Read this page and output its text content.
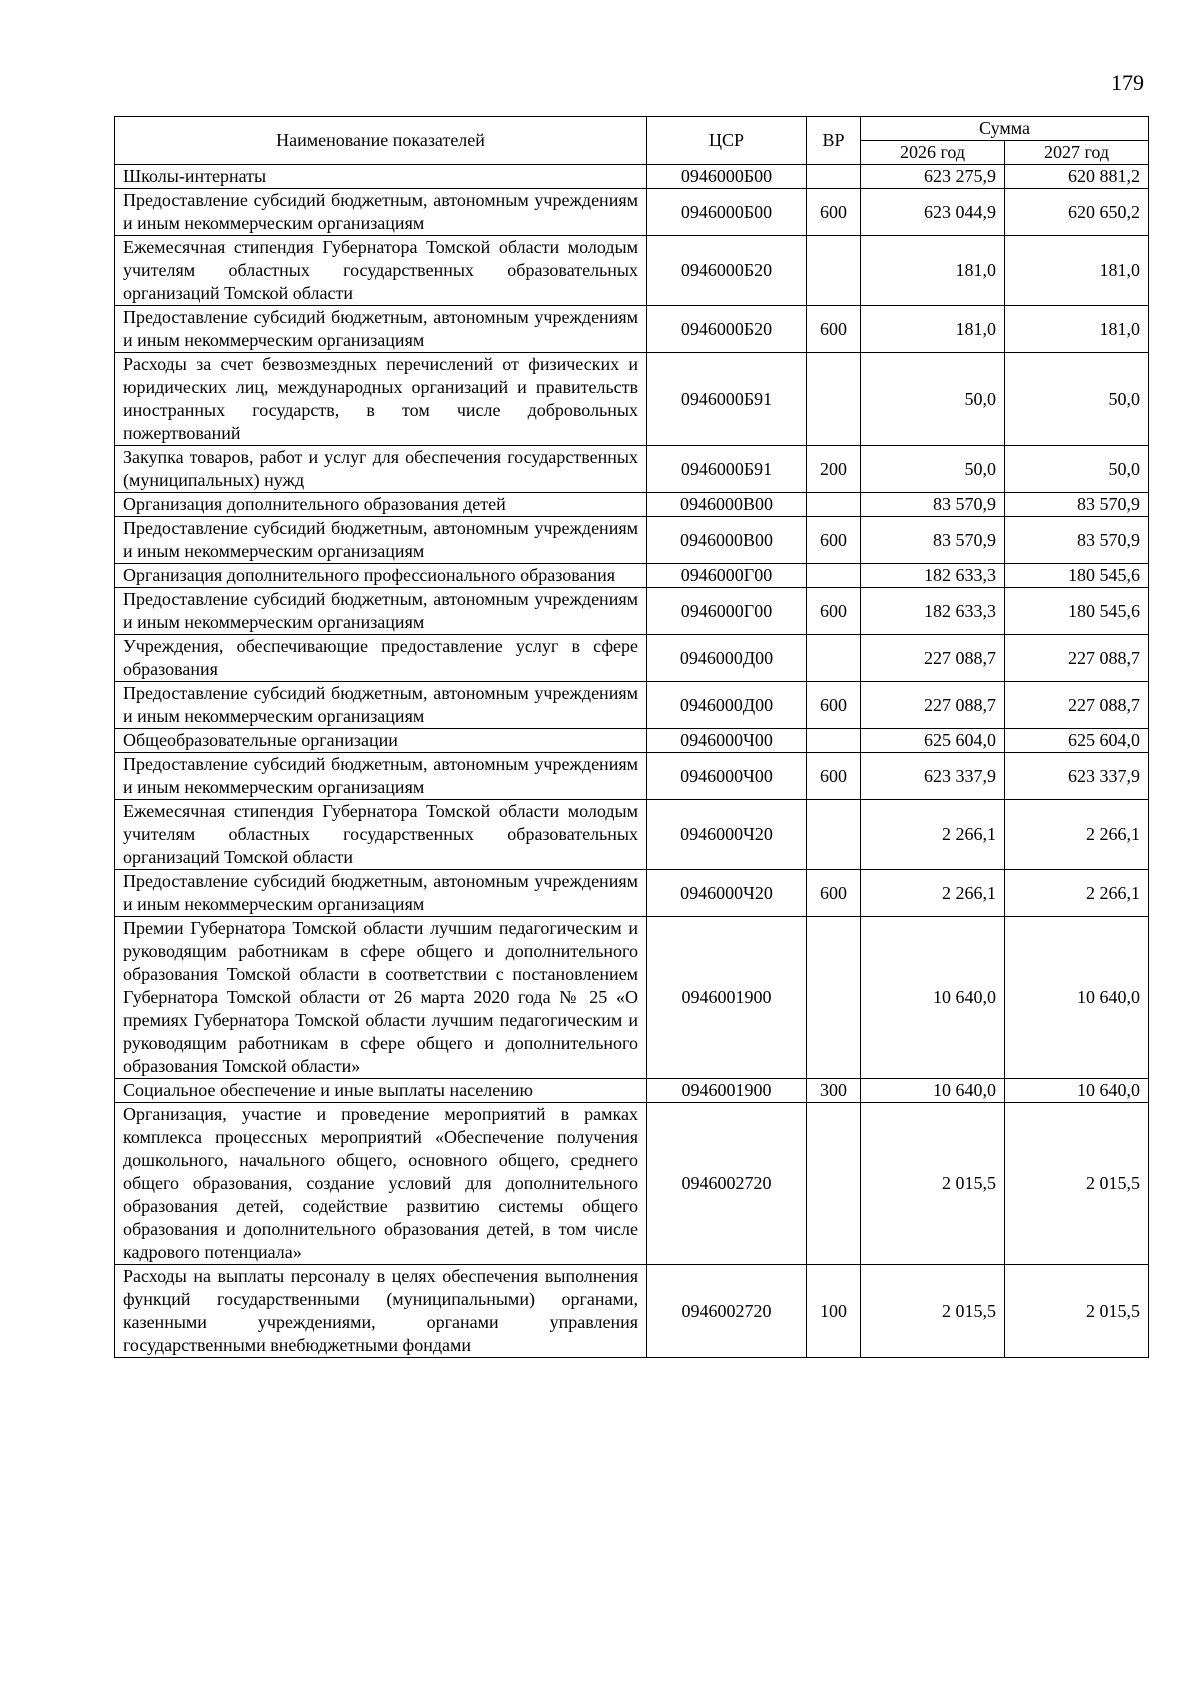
179
Наименование показателей	ЦСР	ВР	Сумма	
			2026 год	2027 год
Школы-интернаты	0946000Б00		623 275,9	620 881,2
Предоставление субсидий бюджетным, автономным учреждениям и иным некоммерческим организациям	0946000Б00	600	623 044,9	620 650,2
Ежемесячная стипендия Губернатора Томской области молодым учителям областных государственных образовательных организаций Томской области	0946000Б20		181,0	181,0
Предоставление субсидий бюджетным, автономным учреждениям и иным некоммерческим организациям	0946000Б20	600	181,0	181,0
Расходы за счет безвозмездных перечислений от физических и юридических лиц, международных организаций и правительств иностранных государств, в том числе добровольных пожертвований	0946000Б91		50,0	50,0
Закупка товаров, работ и услуг для обеспечения государственных (муниципальных) нужд	0946000Б91	200	50,0	50,0
Организация дополнительного образования детей	0946000В00		83 570,9	83 570,9
Предоставление субсидий бюджетным, автономным учреждениям и иным некоммерческим организациям	0946000В00	600	83 570,9	83 570,9
Организация дополнительного профессионального образования	0946000Г00		182 633,3	180 545,6
Предоставление субсидий бюджетным, автономным учреждениям и иным некоммерческим организациям	0946000Г00	600	182 633,3	180 545,6
Учреждения, обеспечивающие предоставление услуг в сфере образования	0946000Д00		227 088,7	227 088,7
Предоставление субсидий бюджетным, автономным учреждениям и иным некоммерческим организациям	0946000Д00	600	227 088,7	227 088,7
Общеобразовательные организации	0946000Ч00		625 604,0	625 604,0
Предоставление субсидий бюджетным, автономным учреждениям и иным некоммерческим организациям	0946000Ч00	600	623 337,9	623 337,9
Ежемесячная стипендия Губернатора Томской области молодым учителям областных государственных образовательных организаций Томской области	0946000Ч20		2 266,1	2 266,1
Предоставление субсидий бюджетным, автономным учреждениям и иным некоммерческим организациям	0946000Ч20	600	2 266,1	2 266,1
Премии Губернатора Томской области лучшим педагогическим и руководящим работникам в сфере общего и дополнительного образования Томской области в соответствии с постановлением Губернатора Томской области от 26 марта 2020 года № 25 «О премиях Губернатора Томской области лучшим педагогическим и руководящим работникам в сфере общего и дополнительного образования Томской области»	0946001900		10 640,0	10 640,0
Социальное обеспечение и иные выплаты населению	0946001900	300	10 640,0	10 640,0
Организация, участие и проведение мероприятий в рамках комплекса процессных мероприятий «Обеспечение получения дошкольного, начального общего, основного общего, среднего общего образования, создание условий для дополнительного образования детей, содействие развитию системы общего образования и дополнительного образования детей, в том числе кадрового потенциала»	0946002720		2 015,5	2 015,5
Расходы на выплаты персоналу в целях обеспечения выполнения функций государственными (муниципальными) органами, казенными учреждениями, органами управления государственными внебюджетными фондами	0946002720	100	2 015,5	2 015,5
